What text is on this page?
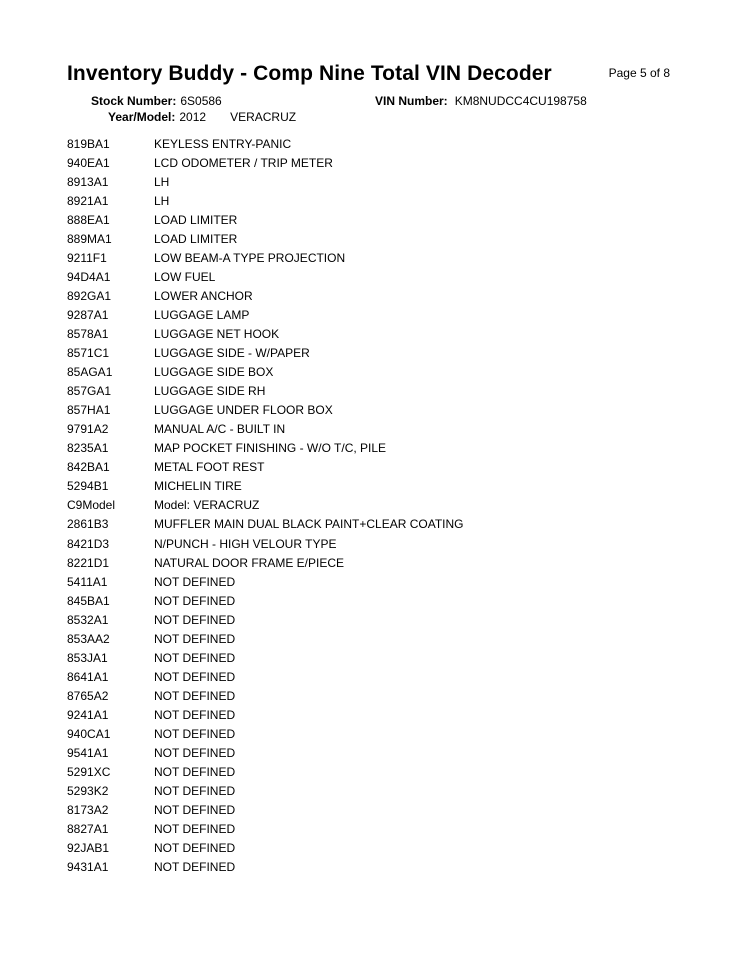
Inventory Buddy - Comp Nine Total VIN Decoder	Page 5 of 8
Stock Number: 6S0586	VIN Number: KM8NUDCC4CU198758
Year/Model: 2012 VERACRUZ
819BA1	KEYLESS ENTRY-PANIC
940EA1	LCD ODOMETER / TRIP METER
8913A1	LH
8921A1	LH
888EA1	LOAD LIMITER
889MA1	LOAD LIMITER
9211F1	LOW BEAM-A TYPE PROJECTION
94D4A1	LOW FUEL
892GA1	LOWER ANCHOR
9287A1	LUGGAGE LAMP
8578A1	LUGGAGE NET HOOK
8571C1	LUGGAGE SIDE - W/PAPER
85AGA1	LUGGAGE SIDE BOX
857GA1	LUGGAGE SIDE RH
857HA1	LUGGAGE UNDER FLOOR BOX
9791A2	MANUAL A/C - BUILT IN
8235A1	MAP POCKET FINISHING - W/O T/C, PILE
842BA1	METAL FOOT REST
5294B1	MICHELIN TIRE
C9Model	Model: VERACRUZ
2861B3	MUFFLER MAIN DUAL BLACK PAINT+CLEAR COATING
8421D3	N/PUNCH - HIGH VELOUR TYPE
8221D1	NATURAL DOOR FRAME E/PIECE
5411A1	NOT DEFINED
845BA1	NOT DEFINED
8532A1	NOT DEFINED
853AA2	NOT DEFINED
853JA1	NOT DEFINED
8641A1	NOT DEFINED
8765A2	NOT DEFINED
9241A1	NOT DEFINED
940CA1	NOT DEFINED
9541A1	NOT DEFINED
5291XC	NOT DEFINED
5293K2	NOT DEFINED
8173A2	NOT DEFINED
8827A1	NOT DEFINED
92JAB1	NOT DEFINED
9431A1	NOT DEFINED
